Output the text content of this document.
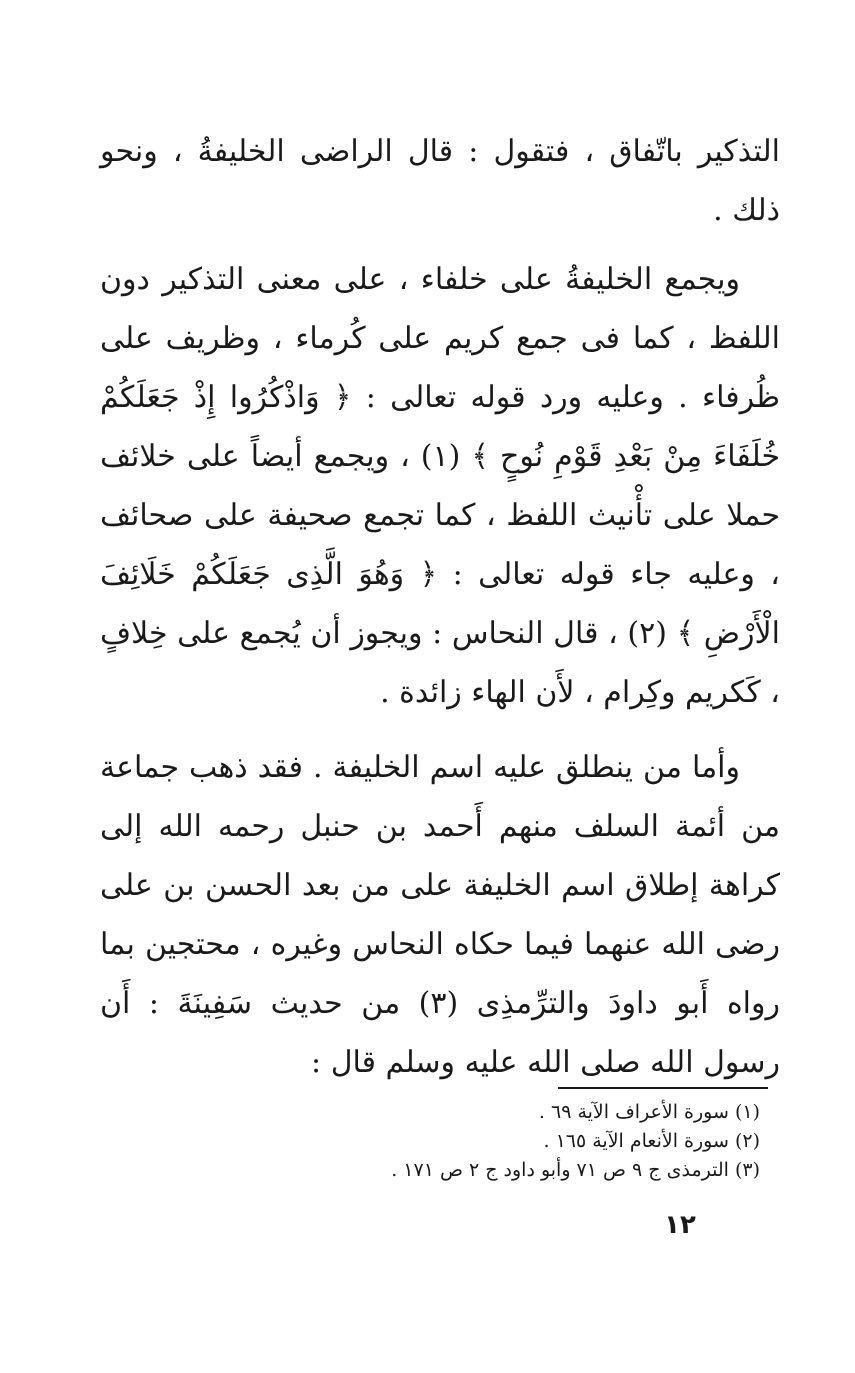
التذكير باتّفاق ، فتقول : قال الراضى الخليفةُ ، ونحو ذلك .

ويجمع الخليفةُ على خلفاء ، على معنى التذكير دون اللفظ ، كما فى جمع كريم على كُرماء ، وظريف على ظُرفاء . وعليه ورد قوله تعالى : ﴿ وَاذْكُرُوا إِذْ جَعَلَكُمْ خُلَفَاءَ مِنْ بَعْدِ قَوْمِ نُوحٍ ﴾ (١) ، ويجمع أيضاً على خلائف حملا على تأْنيث اللفظ ، كما تجمع صحيفة على صحائف ، وعليه جاء قوله تعالى : ﴿ وَهُوَ الَّذِى جَعَلَكُمْ خَلَائِفَ الْأَرْضِ ﴾ (٢) ، قال النحاس : ويجوز أن يُجمع على خِلافٍ ، كَكريم وكِرام ، لأَن الهاء زائدة .

وأما من ينطلق عليه اسم الخليفة . فقد ذهب جماعة من أئمة السلف منهم أَحمد بن حنبل رحمه الله إلى كراهة إطلاق اسم الخليفة على من بعد الحسن بن على رضى الله عنهما فيما حكاه النحاس وغيره ، محتجين بما رواه أَبو داودَ والترِّمذِى (٣) من حديث سَفِينَةَ : أَن رسول الله صلى الله عليه وسلم قال :

(١) سورة الأعراف الآية ٦٩ .

(٢) سورة الأنعام الآية ١٦٥ .

(٣) الترمذى ج ٩ ص ٧١ وأبو داود ج ٢ ص ١٧١ .

١٢
